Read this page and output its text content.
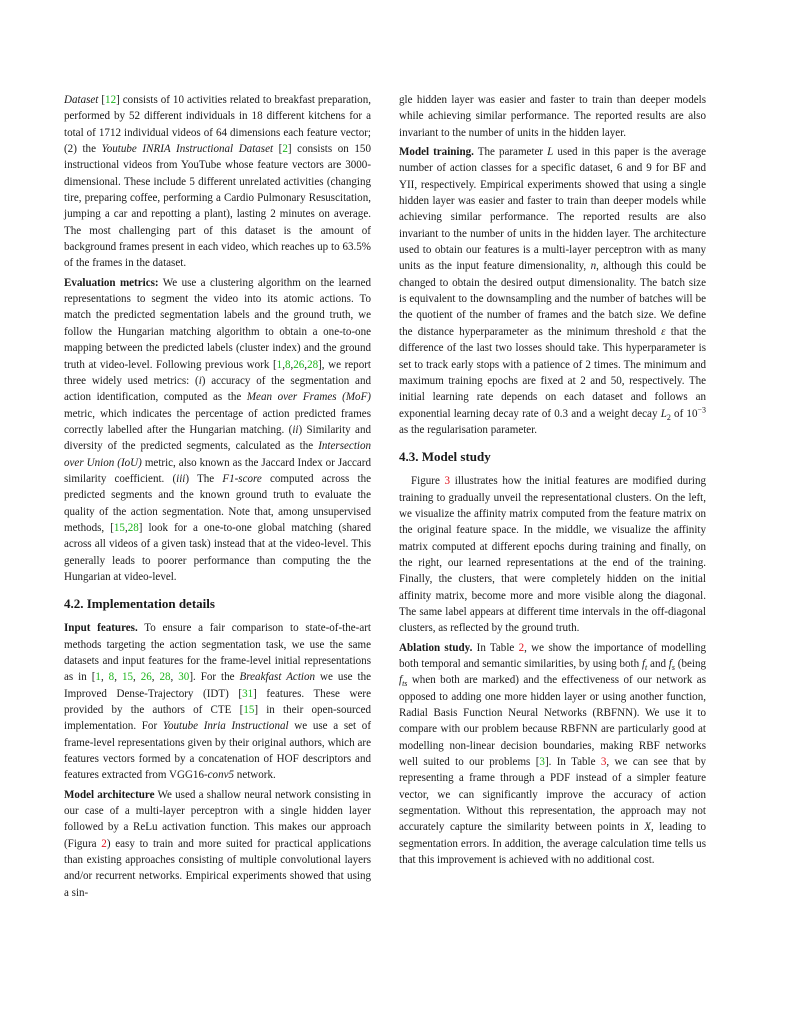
Dataset [12] consists of 10 activities related to breakfast preparation, performed by 52 different individuals in 18 different kitchens for a total of 1712 individual videos of 64 dimensions each feature vector; (2) the Youtube INRIA Instructional Dataset [2] consists on 150 instructional videos from YouTube whose feature vectors are 3000-dimensional. These include 5 different unrelated activities (changing tire, preparing coffee, performing a Cardio Pulmonary Resuscitation, jumping a car and repotting a plant), lasting 2 minutes on average. The most challenging part of this dataset is the amount of background frames present in each video, which reaches up to 63.5% of the frames in the dataset.

Evaluation metrics: We use a clustering algorithm on the learned representations to segment the video into its atomic actions. To match the predicted segmentation labels and the ground truth, we follow the Hungarian matching algorithm to obtain a one-to-one mapping between the predicted labels (cluster index) and the ground truth at video-level. Following previous work [1,8,26,28], we report three widely used metrics: (i) accuracy of the segmentation and action identification, computed as the Mean over Frames (MoF) metric, which indicates the percentage of action predicted frames correctly labelled after the Hungarian matching. (ii) Similarity and diversity of the predicted segments, calculated as the Intersection over Union (IoU) metric, also known as the Jaccard Index or Jaccard similarity coefficient. (iii) The F1-score computed across the predicted segments and the known ground truth to evaluate the quality of the action segmentation. Note that, among unsupervised methods, [15,28] look for a one-to-one global matching (shared across all videos of a given task) instead that at the video-level. This generally leads to poorer performance than computing the the Hungarian at video-level.

4.2. Implementation details

Input features. To ensure a fair comparison to state-of-the-art methods targeting the action segmentation task, we use the same datasets and input features for the frame-level initial representations as in [1, 8, 15, 26, 28, 30]. For the Breakfast Action we use the Improved Dense-Trajectory (IDT) [31] features. These were provided by the authors of CTE [15] in their open-sourced implementation. For Youtube Inria Instructional we use a set of frame-level representations given by their original authors, which are features vectors formed by a concatenation of HOF descriptors and features extracted from VGG16-conv5 network.

Model architecture We used a shallow neural network consisting in our case of a multi-layer perceptron with a single hidden layer followed by a ReLu activation function. This makes our approach (Figura 2) easy to train and more suited for practical applications than existing approaches consisting of multiple convolutional layers and/or recurrent networks. Empirical experiments showed that using a sin-

gle hidden layer was easier and faster to train than deeper models while achieving similar performance. The reported results are also invariant to the number of units in the hidden layer.

Model training. The parameter L used in this paper is the average number of action classes for a specific dataset, 6 and 9 for BF and YII, respectively. Empirical experiments showed that using a single hidden layer was easier and faster to train than deeper models while achieving similar performance. The reported results are also invariant to the number of units in the hidden layer. The architecture used to obtain our features is a multi-layer perceptron with as many units as the input feature dimensionality, n, although this could be changed to obtain the desired output dimensionality. The batch size is equivalent to the downsampling and the number of batches will be the quotient of the number of frames and the batch size. We define the distance hyperparameter as the minimum threshold ε that the difference of the last two losses should take. This hyperparameter is set to track early stops with a patience of 2 times. The minimum and maximum training epochs are fixed at 2 and 50, respectively. The initial learning rate depends on each dataset and follows an exponential learning decay rate of 0.3 and a weight decay $L_2$ of $10^{-3}$ as the regularisation parameter.

4.3. Model study

Figure 3 illustrates how the initial features are modified during training to gradually unveil the representational clusters. On the left, we visualize the affinity matrix computed from the feature matrix on the original feature space. In the middle, we visualize the affinity matrix computed at different epochs during training and finally, on the right, our learned representations at the end of the training. Finally, the clusters, that were completely hidden on the initial affinity matrix, become more and more visible along the diagonal. The same label appears at different time intervals in the off-diagonal clusters, as reflected by the ground truth.

Ablation study. In Table 2, we show the importance of modelling both temporal and semantic similarities, by using both $f_t$ and $f_s$ (being $f_{ts}$ when both are marked) and the effectiveness of our network as opposed to adding one more hidden layer or using another function, Radial Basis Function Neural Networks (RBFNN). We use it to compare with our problem because RBFNN are particularly good at modelling non-linear decision boundaries, making RBF networks well suited to our problems [3]. In Table 3, we can see that by representing a frame through a PDF instead of a simpler feature vector, we can significantly improve the accuracy of action segmentation. Without this representation, the approach may not accurately capture the similarity between points in X, leading to segmentation errors. In addition, the average calculation time tells us that this improvement is achieved with no additional cost.
